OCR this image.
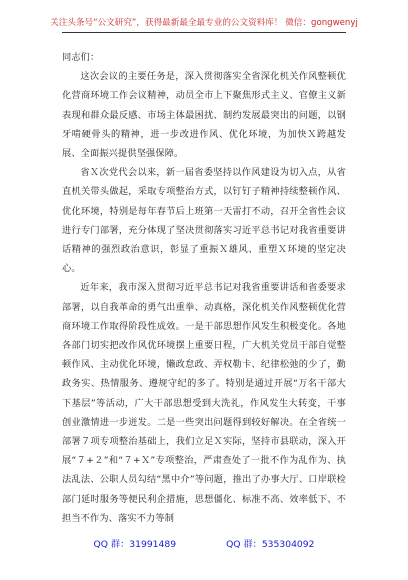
关注头条号“公文研究”，获得最新最全最专业的公文资料库！ 微信：gongwenyj

同志们：

这次会议的主要任务是，深入贯彻落实全省深化机关作风整顿优化营商环境工作会议精神，动员全市上下聚焦形式主义、官僚主义新表现和群众最反感、市场主体最困扰、制约发展最突出的问题，以钢牙啃硬骨头的精神，进一步改进作风、优化环境，为加快Ｘ跨越发展、全面振兴提供坚强保障。

省Ｘ次党代会以来，新一届省委坚持以作风建设为切入点，从省直机关带头做起，采取专项整治方式，以钉钉子精神持续整顿作风、优化环境，特别是每年春节后上班第一天雷打不动，召开全省性会议进行专门部署，充分体现了坚决贯彻落实习近平总书记对我省重要讲话精神的强烈政治意识，彰显了重振Ｘ雄风、重塑Ｘ环境的坚定决心。

近年来，我市深入贯彻习近平总书记对我省重要讲话和省委要求部署，以自我革命的勇气出重拳、动真格，深化机关作风整顿优化营商环境工作取得阶段性成效。一是干部思想作风发生积极变化。各地各部门切实把改作风优环境摆上重要日程，广大机关党员干部自觉整顿作风、主动优化环境，懒政怠政、弄权勒卡、纪律松弛的少了，勤政务实、热情服务、遵规守纪的多了。特别是通过开展“万名干部大下基层”等活动，广大干部思想受到大洗礼，作风发生大转变，干事创业激情进一步迸发。二是一些突出问题得到较好解决。在全省统一部署７项专项整治基础上，我们立足Ｘ实际，坚持市县联动，深入开展“７+２”和“７+Ｘ”专项整治，严肃查处了一批不作为乱作为、执法乱法、公职人员勾结“黑中介”等问题，推出了办事大厅、口岸联检部门延时服务等便民利企措施，思想僵化、标准不高、效率低下、不担当不作为、落实不力等制

QQ 群：31991489	QQ 群：535304092
